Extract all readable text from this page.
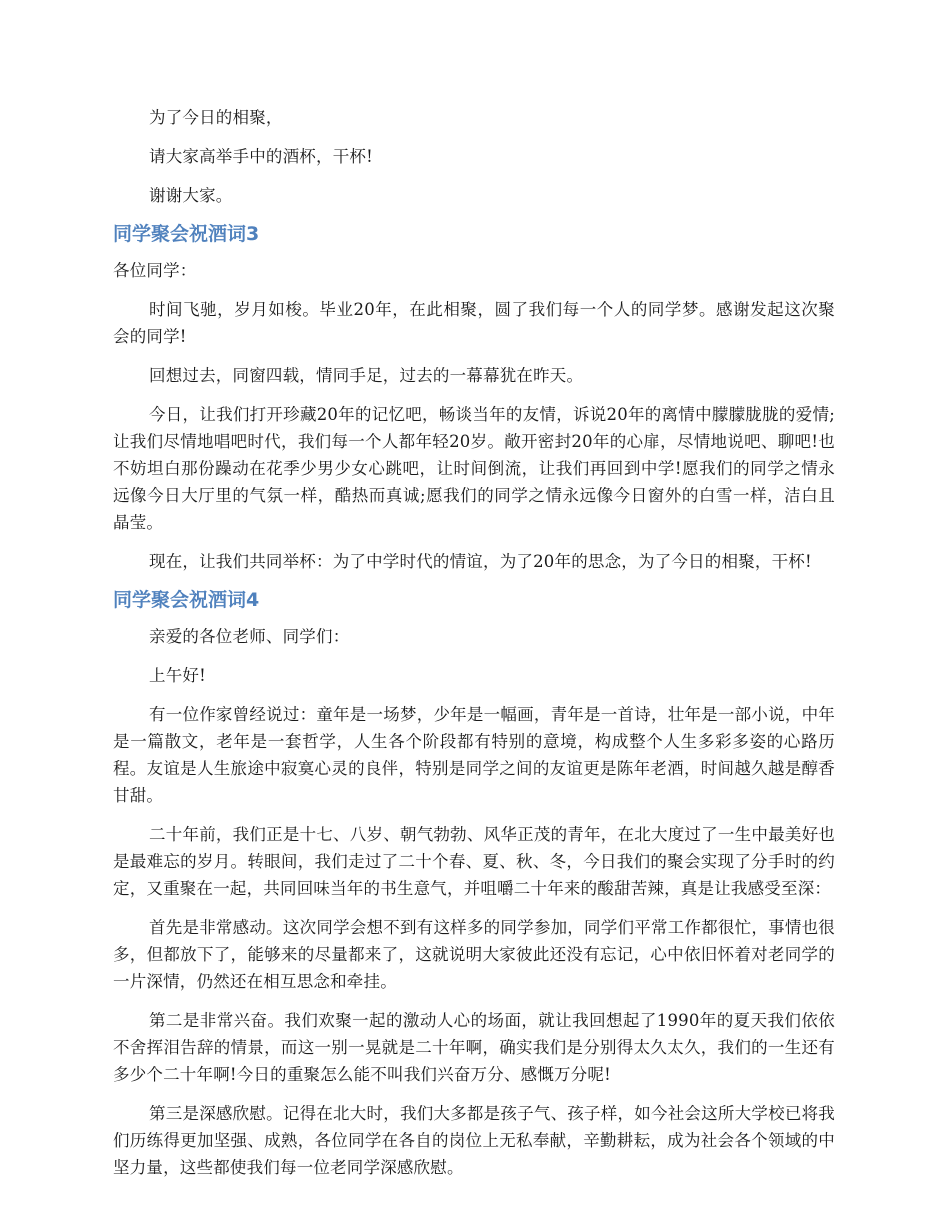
为了今日的相聚，

请大家高举手中的酒杯，干杯!

谢谢大家。

同学聚会祝酒词3

各位同学：

时间飞驰，岁月如梭。毕业20年，在此相聚，圆了我们每一个人的同学梦。感谢发起这次聚会的同学!

回想过去，同窗四载，情同手足，过去的一幕幕犹在昨天。

今日，让我们打开珍藏20年的记忆吧，畅谈当年的友情，诉说20年的离情中朦朦胧胧的爱情;让我们尽情地唱吧时代，我们每一个人都年轻20岁。敞开密封20年的心扉，尽情地说吧、聊吧!也不妨坦白那份躁动在花季少男少女心跳吧，让时间倒流，让我们再回到中学!愿我们的同学之情永远像今日大厅里的气氛一样，酷热而真诚;愿我们的同学之情永远像今日窗外的白雪一样，洁白且晶莹。

现在，让我们共同举杯：为了中学时代的情谊，为了20年的思念，为了今日的相聚，干杯!

同学聚会祝酒词4

亲爱的各位老师、同学们：

上午好!

有一位作家曾经说过：童年是一场梦，少年是一幅画，青年是一首诗，壮年是一部小说，中年是一篇散文，老年是一套哲学，人生各个阶段都有特别的意境，构成整个人生多彩多姿的心路历程。友谊是人生旅途中寂寞心灵的良伴，特别是同学之间的友谊更是陈年老酒，时间越久越是醇香甘甜。

二十年前，我们正是十七、八岁、朝气勃勃、风华正茂的青年，在北大度过了一生中最美好也是最难忘的岁月。转眼间，我们走过了二十个春、夏、秋、冬，今日我们的聚会实现了分手时的约定，又重聚在一起，共同回味当年的书生意气，并咀嚼二十年来的酸甜苦辣，真是让我感受至深：

首先是非常感动。这次同学会想不到有这样多的同学参加，同学们平常工作都很忙，事情也很多，但都放下了，能够来的尽量都来了，这就说明大家彼此还没有忘记，心中依旧怀着对老同学的一片深情，仍然还在相互思念和牵挂。

第二是非常兴奋。我们欢聚一起的激动人心的场面，就让我回想起了1990年的夏天我们依依不舍挥泪告辞的情景，而这一别一晃就是二十年啊，确实我们是分别得太久太久，我们的一生还有多少个二十年啊!今日的重聚怎么能不叫我们兴奋万分、感慨万分呢!

第三是深感欣慰。记得在北大时，我们大多都是孩子气、孩子样，如今社会这所大学校已将我们历练得更加坚强、成熟，各位同学在各自的岗位上无私奉献，辛勤耕耘，成为社会各个领域的中坚力量，这些都使我们每一位老同学深感欣慰。
